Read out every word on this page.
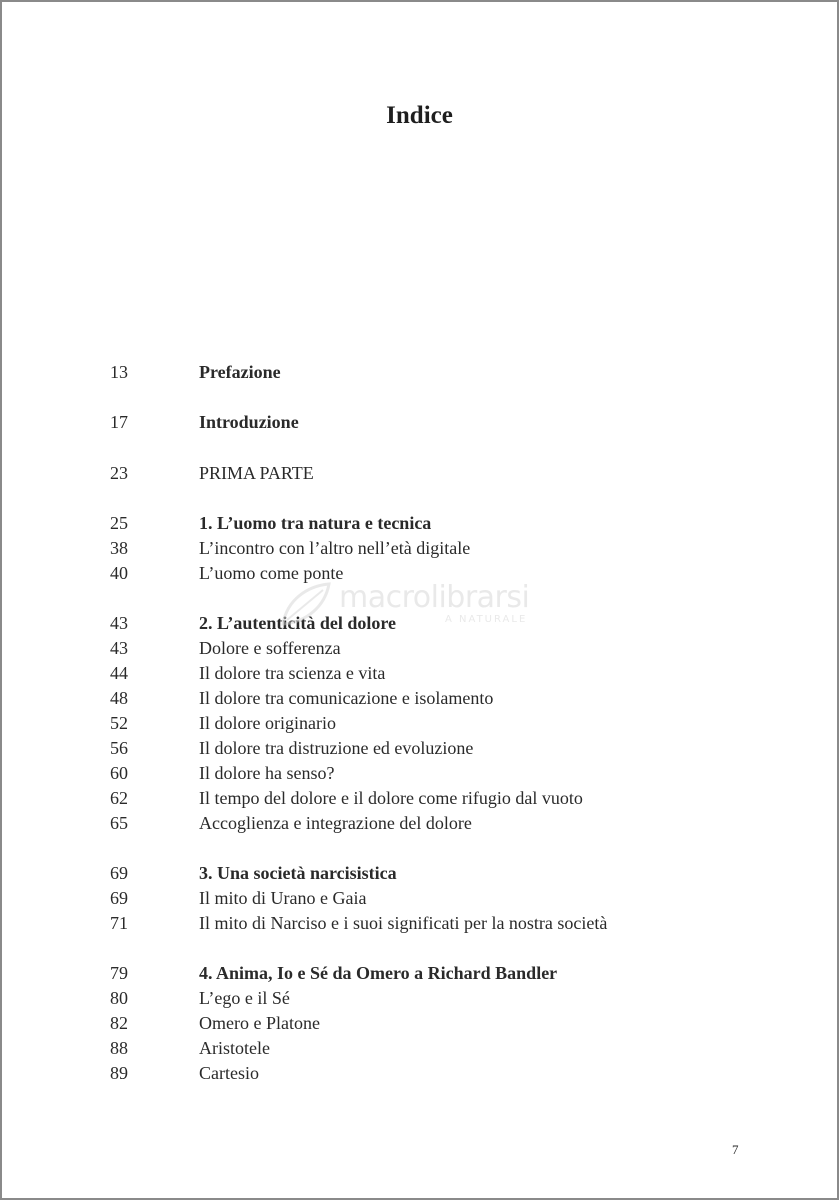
Indice
13	Prefazione
17	Introduzione
23	PRIMA PARTE
25	1. L’uomo tra natura e tecnica
38	L’incontro con l’altro nell’età digitale
40	L’uomo come ponte
43	2. L’autenticità del dolore
43	Dolore e sofferenza
44	Il dolore tra scienza e vita
48	Il dolore tra comunicazione e isolamento
52	Il dolore originario
56	Il dolore tra distruzione ed evoluzione
60	Il dolore ha senso?
62	Il tempo del dolore e il dolore come rifugio dal vuoto
65	Accoglienza e integrazione del dolore
69	3. Una società narcisistica
69	Il mito di Urano e Gaia
71	Il mito di Narciso e i suoi significati per la nostra società
79	4. Anima, Io e Sé da Omero a Richard Bandler
80	L’ego e il Sé
82	Omero e Platone
88	Aristotele
89	Cartesio
macrolibrarsi
A NATURALE
7
